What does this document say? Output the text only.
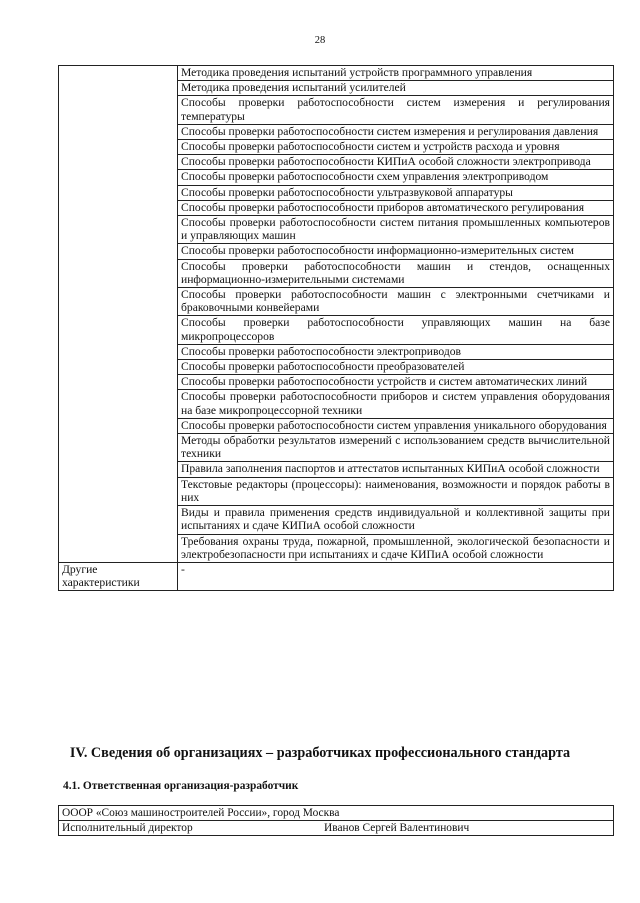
28
	Методика проведения испытаний устройств программного управления
	Методика проведения испытаний усилителей
	Способы проверки работоспособности систем измерения и регулирования температуры
	Способы проверки работоспособности систем измерения и регулирования давления
	Способы проверки работоспособности систем и устройств расхода и уровня
	Способы проверки работоспособности КИПиА особой сложности электропривода
	Способы проверки работоспособности схем управления электроприводом
	Способы проверки работоспособности ультразвуковой аппаратуры
	Способы проверки работоспособности приборов автоматического регулирования
	Способы проверки работоспособности систем питания промышленных компьютеров и управляющих машин
	Способы проверки работоспособности информационно-измерительных систем
	Способы проверки работоспособности машин и стендов, оснащенных информационно-измерительными системами
	Способы проверки работоспособности машин с электронными счетчиками и браковочными конвейерами
	Способы проверки работоспособности управляющих машин на базе микропроцессоров
	Способы проверки работоспособности электроприводов
	Способы проверки работоспособности преобразователей
	Способы проверки работоспособности устройств и систем автоматических линий
	Способы проверки работоспособности приборов и систем управления оборудования на базе микропроцессорной техники
	Способы проверки работоспособности систем управления уникального оборудования
	Методы обработки результатов измерений с использованием средств вычислительной техники
	Правила заполнения паспортов и аттестатов испытанных КИПиА особой сложности
	Текстовые редакторы (процессоры): наименования, возможности и порядок работы в них
	Виды и правила применения средств индивидуальной и коллективной защиты при испытаниях и сдаче КИПиА особой сложности
	Требования охраны труда, пожарной, промышленной, экологической безопасности и электробезопасности при испытаниях и сдаче КИПиА особой сложности
Другие характеристики	-
IV. Сведения об организациях – разработчиках профессионального стандарта
4.1. Ответственная организация-разработчик
ОООР «Союз машиностроителей России», город Москва

Исполнительный директор	Иванов Сергей Валентинович
